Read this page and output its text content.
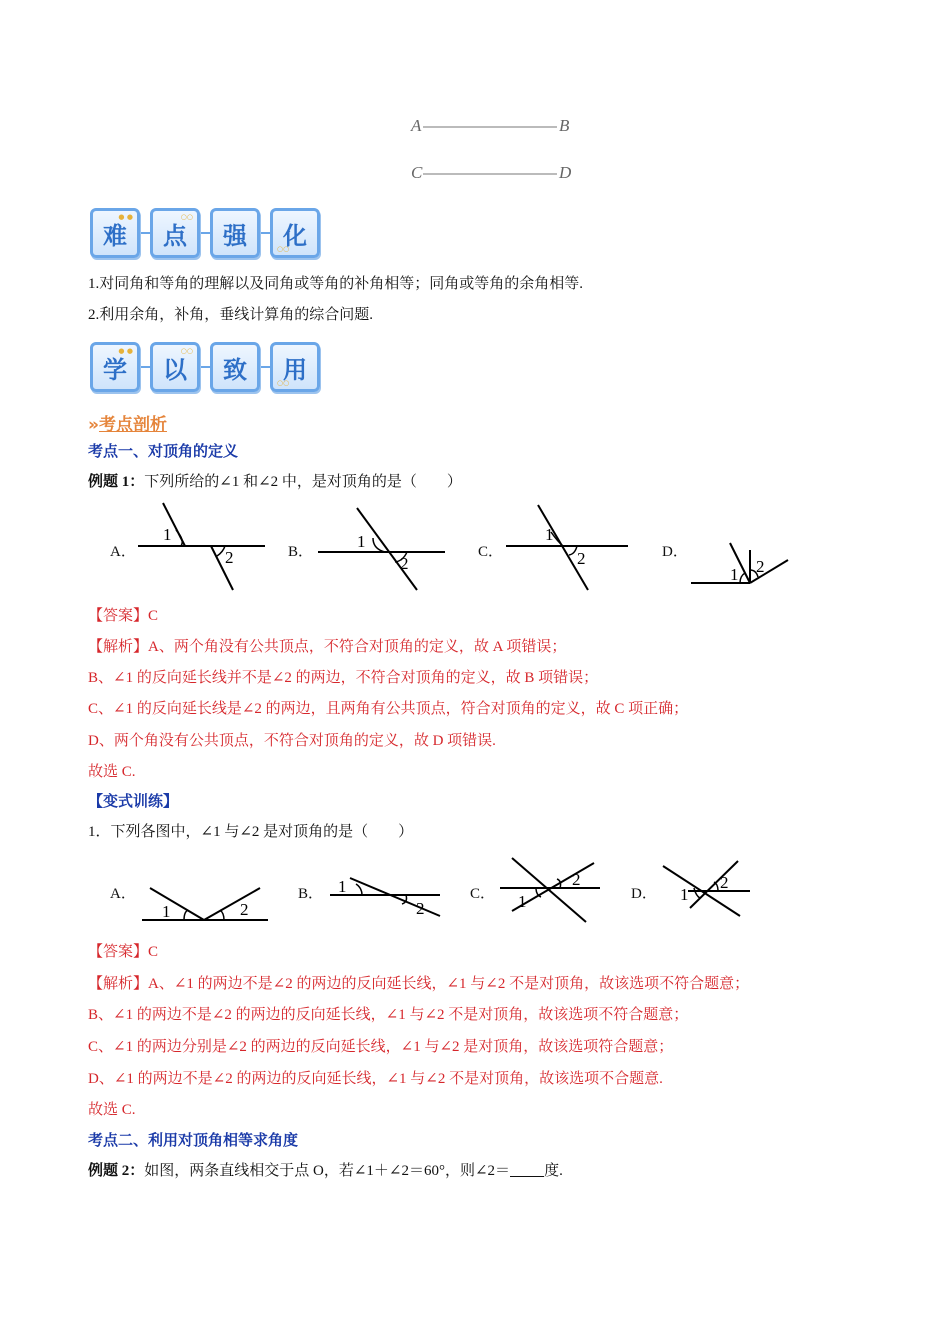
A	B
C	D
● ●
难
○○
点 强	○○
化
1.对同角和等角的理解以及同角或等角的补角相等；同角或等角的余角相等.
2.利用余角，补角，垂线计算角的综合问题.
● ●
学
○○
以 致	○○
用
»考点剖析
考点一、对顶角的定义
例题 1：下列所给的∠1 和∠2 中，是对顶角的是（　　）
A．
1
2	B．
1
2
C．
1
2	D．
1 2
【答案】C
【解析】A、两个角没有公共顶点，不符合对顶角的定义，故 A 项错误；
B、∠1 的反向延长线并不是∠2 的两边，不符合对顶角的定义，故 B 项错误；
C、∠1 的反向延长线是∠2 的两边，且两角有公共顶点，符合对顶角的定义，故 C 项正确；
D、两个角没有公共顶点，不符合对顶角的定义，故 D 项错误.
故选 C.
【变式训练】
1．下列各图中，∠1 与∠2 是对顶角的是（　　）
A．
1	2
B． 1
2
C． 1
2
D． 1
2
【答案】C
【解析】A、∠1 的两边不是∠2 的两边的反向延长线，∠1 与∠2 不是对顶角，故该选项不符合题意；
B、∠1 的两边不是∠2 的两边的反向延长线，∠1 与∠2 不是对顶角，故该选项不符合题意；
C、∠1 的两边分别是∠2 的两边的反向延长线，∠1 与∠2 是对顶角，故该选项符合题意；
D、∠1 的两边不是∠2 的两边的反向延长线，∠1 与∠2 不是对顶角，故该选项不合题意.
故选 C.
考点二、利用对顶角相等求角度
例题 2：如图，两条直线相交于点 O，若∠1＋∠2＝60°，则∠2＝ 度.
